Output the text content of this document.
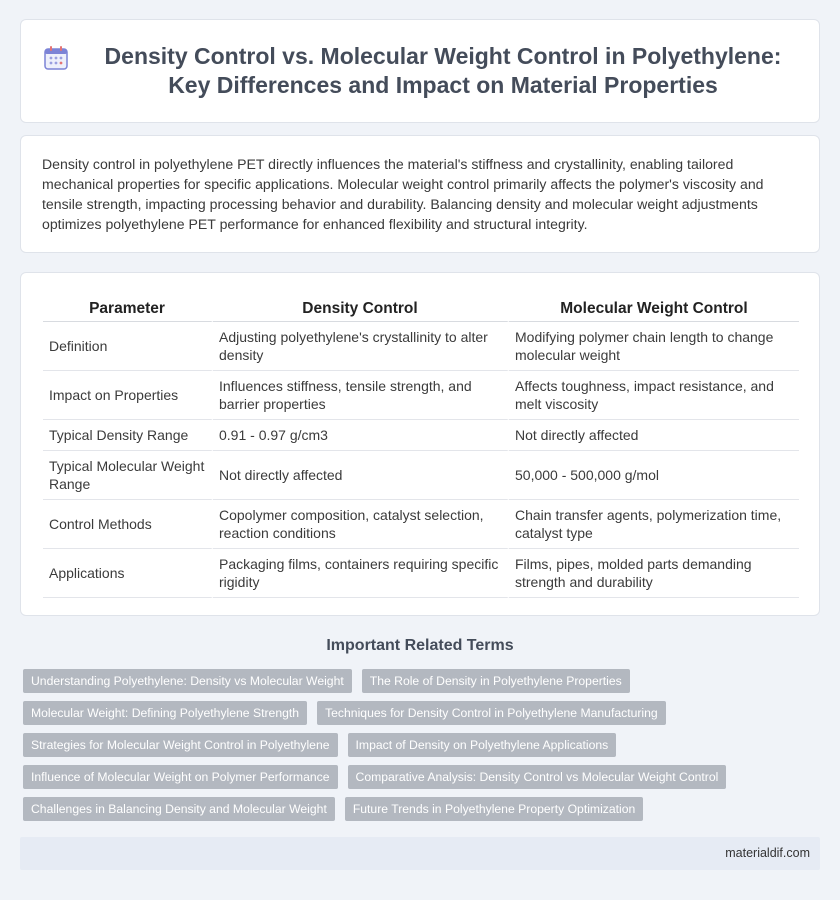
Density Control vs. Molecular Weight Control in Polyethylene: Key Differences and Impact on Material Properties

Density control in polyethylene PET directly influences the material's stiffness and crystallinity, enabling tailored mechanical properties for specific applications. Molecular weight control primarily affects the polymer's viscosity and tensile strength, impacting processing behavior and durability. Balancing density and molecular weight adjustments optimizes polyethylene PET performance for enhanced flexibility and structural integrity.

Parameter	Density Control	Molecular Weight Control
Definition	Adjusting polyethylene's crystallinity to alter density	Modifying polymer chain length to change molecular weight
Impact on Properties	Influences stiffness, tensile strength, and barrier properties	Affects toughness, impact resistance, and melt viscosity
Typical Density Range	0.91 - 0.97 g/cm3	Not directly affected
Typical Molecular Weight Range	Not directly affected	50,000 - 500,000 g/mol
Control Methods	Copolymer composition, catalyst selection, reaction conditions	Chain transfer agents, polymerization time, catalyst type
Applications	Packaging films, containers requiring specific rigidity	Films, pipes, molded parts demanding strength and durability
Important Related Terms
Understanding Polyethylene: Density vs Molecular Weight	The Role of Density in Polyethylene Properties
Molecular Weight: Defining Polyethylene Strength	Techniques for Density Control in Polyethylene Manufacturing
Strategies for Molecular Weight Control in Polyethylene	Impact of Density on Polyethylene Applications
Influence of Molecular Weight on Polymer Performance	Comparative Analysis: Density Control vs Molecular Weight Control
Challenges in Balancing Density and Molecular Weight	Future Trends in Polyethylene Property Optimization
materialdif.com
